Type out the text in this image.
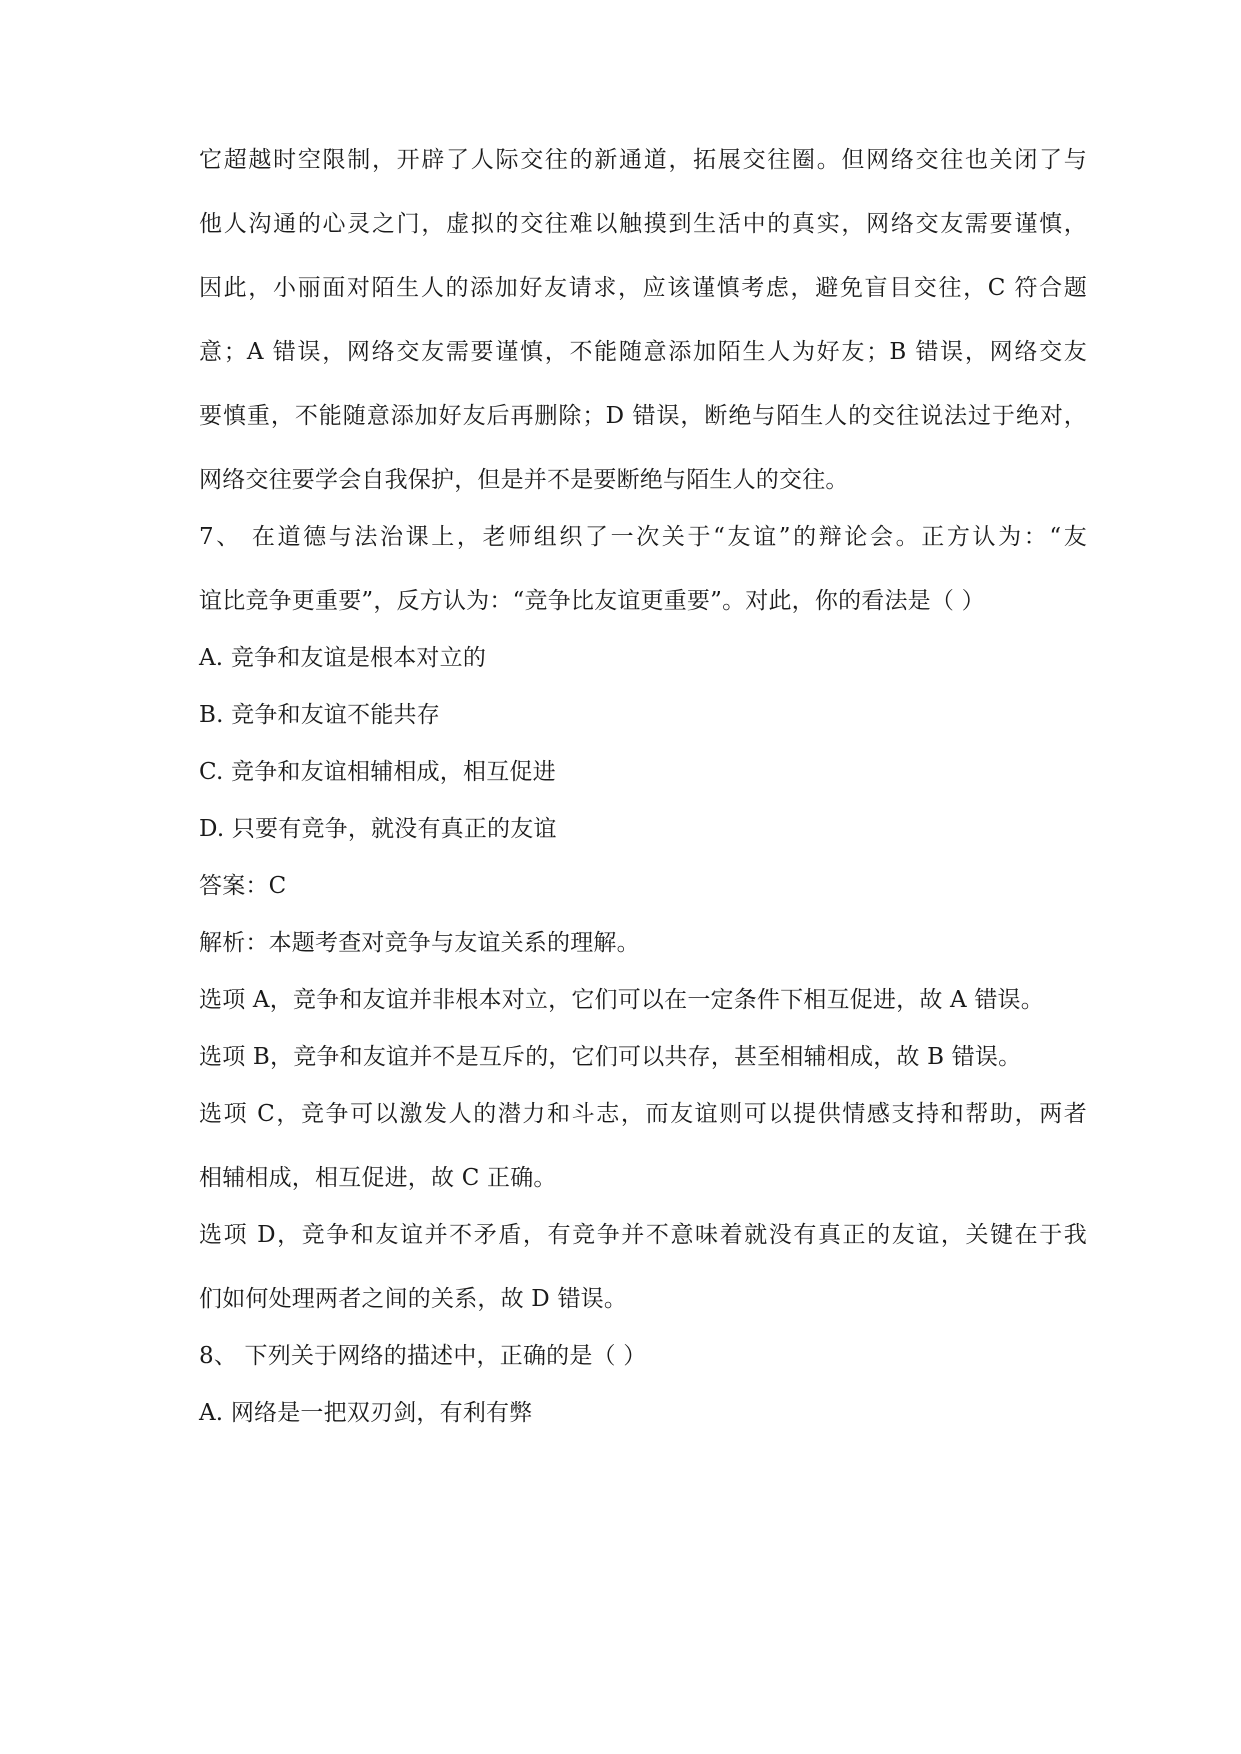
它超越时空限制，开辟了人际交往的新通道，拓展交往圈。但网络交往也关闭了与
他人沟通的心灵之门，虚拟的交往难以触摸到生活中的真实，网络交友需要谨慎，
因此，小丽面对陌生人的添加好友请求，应该谨慎考虑，避免盲目交往，C 符合题
意；A 错误，网络交友需要谨慎，不能随意添加陌生人为好友；B 错误，网络交友
要慎重，不能随意添加好友后再删除；D 错误，断绝与陌生人的交往说法过于绝对，
网络交往要学会自我保护，但是并不是要断绝与陌生人的交往。
7、 在道德与法治课上，老师组织了一次关于“友谊”的辩论会。正方认为：“友
谊比竞争更重要”，反方认为：“竞争比友谊更重要”。对此，你的看法是（ ）
A. 竞争和友谊是根本对立的
B. 竞争和友谊不能共存
C. 竞争和友谊相辅相成，相互促进
D. 只要有竞争，就没有真正的友谊
答案：C
解析：本题考查对竞争与友谊关系的理解。
选项 A，竞争和友谊并非根本对立，它们可以在一定条件下相互促进，故 A 错误。
选项 B，竞争和友谊并不是互斥的，它们可以共存，甚至相辅相成，故 B 错误。
选项 C，竞争可以激发人的潜力和斗志，而友谊则可以提供情感支持和帮助，两者
相辅相成，相互促进，故 C 正确。
选项 D，竞争和友谊并不矛盾，有竞争并不意味着就没有真正的友谊，关键在于我
们如何处理两者之间的关系，故 D 错误。
8、 下列关于网络的描述中，正确的是（ ）
A. 网络是一把双刃剑，有利有弊
